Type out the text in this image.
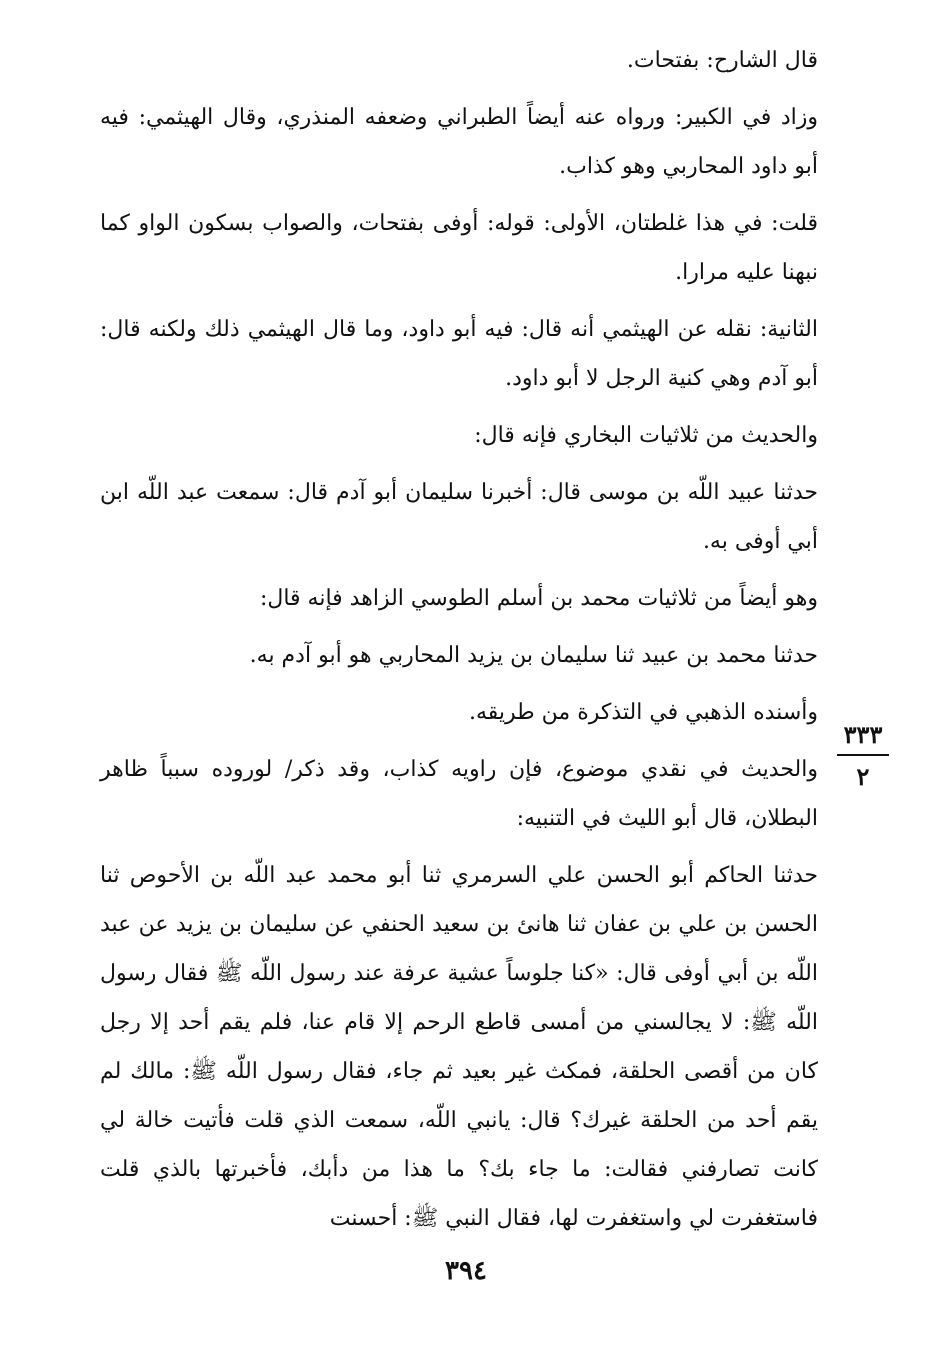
قال الشارح: بفتحات.

وزاد في الكبير: ورواه عنه أيضاً الطبراني وضعفه المنذري، وقال الهيثمي: فيه أبو داود المحاربي وهو كذاب.

قلت: في هذا غلطتان، الأولى: قوله: أوفى بفتحات، والصواب بسكون الواو كما نبهنا عليه مرارا.

الثانية: نقله عن الهيثمي أنه قال: فيه أبو داود، وما قال الهيثمي ذلك ولكنه قال: أبو آدم وهي كنية الرجل لا أبو داود.

والحديث من ثلاثيات البخاري فإنه قال:

حدثنا عبيد اللّه بن موسى قال: أخبرنا سليمان أبو آدم قال: سمعت عبد اللّه ابن أبي أوفى به.

وهو أيضاً من ثلاثيات محمد بن أسلم الطوسي الزاهد فإنه قال:

حدثنا محمد بن عبيد ثنا سليمان بن يزيد المحاربي هو أبو آدم به.

وأسنده الذهبي في التذكرة من طريقه.

والحديث في نقدي موضوع، فإن راويه كذاب، وقد ذكر/ لوروده سبباً ظاهر البطلان، قال أبو الليث في التنبيه:

حدثنا الحاكم أبو الحسن علي السرمري ثنا أبو محمد عبد اللّه بن الأحوص ثنا الحسن بن علي بن عفان ثنا هانئ بن سعيد الحنفي عن سليمان بن يزيد عن عبد اللّه بن أبي أوفى قال: «كنا جلوساً عشية عرفة عند رسول اللّه ﷺ فقال رسول اللّه ﷺ: لا يجالسني من أمسى قاطع الرحم إلا قام عنا، فلم يقم أحد إلا رجل كان من أقصى الحلقة، فمكث غير بعيد ثم جاء، فقال رسول اللّه ﷺ: مالك لم يقم أحد من الحلقة غيرك؟ قال: يانبي اللّه، سمعت الذي قلت فأتيت خالة لي كانت تصارفني فقالت: ما جاء بك؟ ما هذا من دأبك، فأخبرتها بالذي قلت فاستغفرت لي واستغفرت لها، فقال النبي ﷺ: أحسنت

٣٣٣
٢
٣٩٤
